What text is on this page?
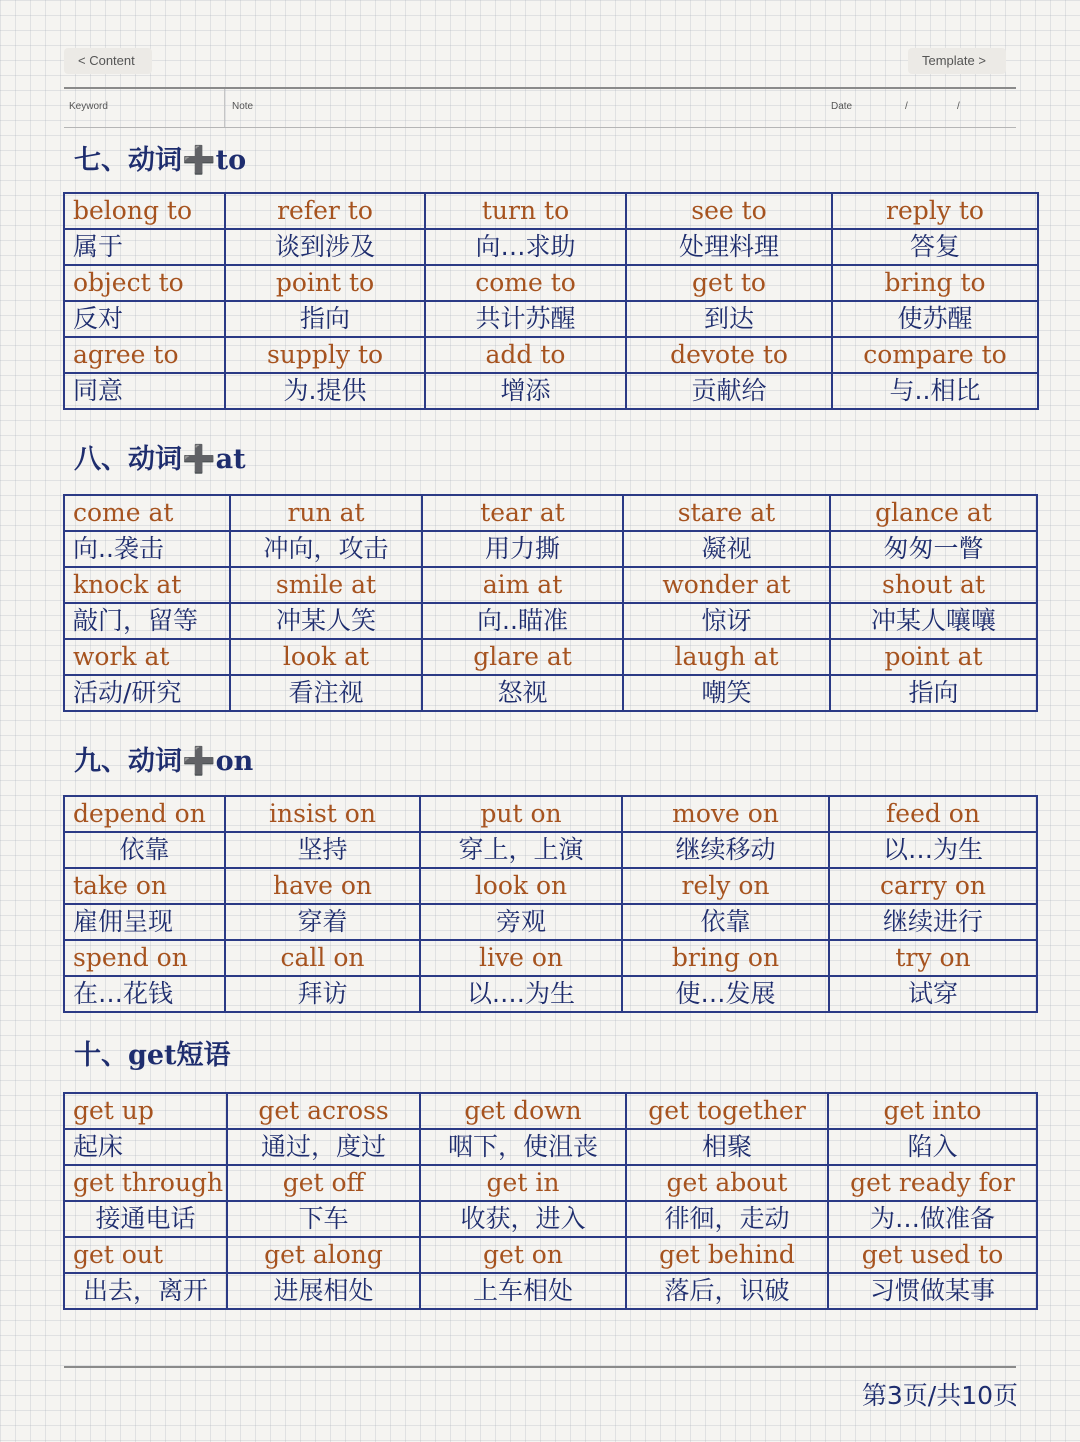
< Content	Template >
Keyword	Note	Date	/	/
七、动词➕to
belong to	refer to	turn to	see to	reply to
属于	谈到涉及	向…求助	处理料理	答复
object to	point to	come to	get to	bring to
反对	指向	共计苏醒	到达	使苏醒
agree to	supply to	add to	devote to	compare to
同意	为.提供	增添	贡献给	与..相比
八、动词➕at
come at	run at	tear at	stare at	glance at
向..袭击	冲向，攻击	用力撕	凝视	匆匆一瞥
knock at	smile at	aim at	wonder at	shout at
敲门，留等	冲某人笑	向..瞄准	惊讶	冲某人嚷嚷
work at	look at	glare at	laugh at	point at
活动/研究	看注视	怒视	嘲笑	指向
九、动词➕on
depend on	insist on	put on	move on	feed on
依靠	坚持	穿上，上演	继续移动	以…为生
take on	have on	look on	rely on	carry on
雇佣呈现	穿着	旁观	依靠	继续进行
spend on	call on	live on	bring on	try on
在…花钱	拜访	以.…为生	使…发展	试穿
十、get短语
get up	get across	get down	get together	get into
起床	通过，度过	咽下，使沮丧	相聚	陷入
get through	get off	get in	get about	get ready for
接通电话	下车	收获，进入	徘徊，走动	为…做准备
get out	get along	get on	get behind	get used to
出去，离开	进展相处	上车相处	落后，识破	习惯做某事
第3页/共10页
